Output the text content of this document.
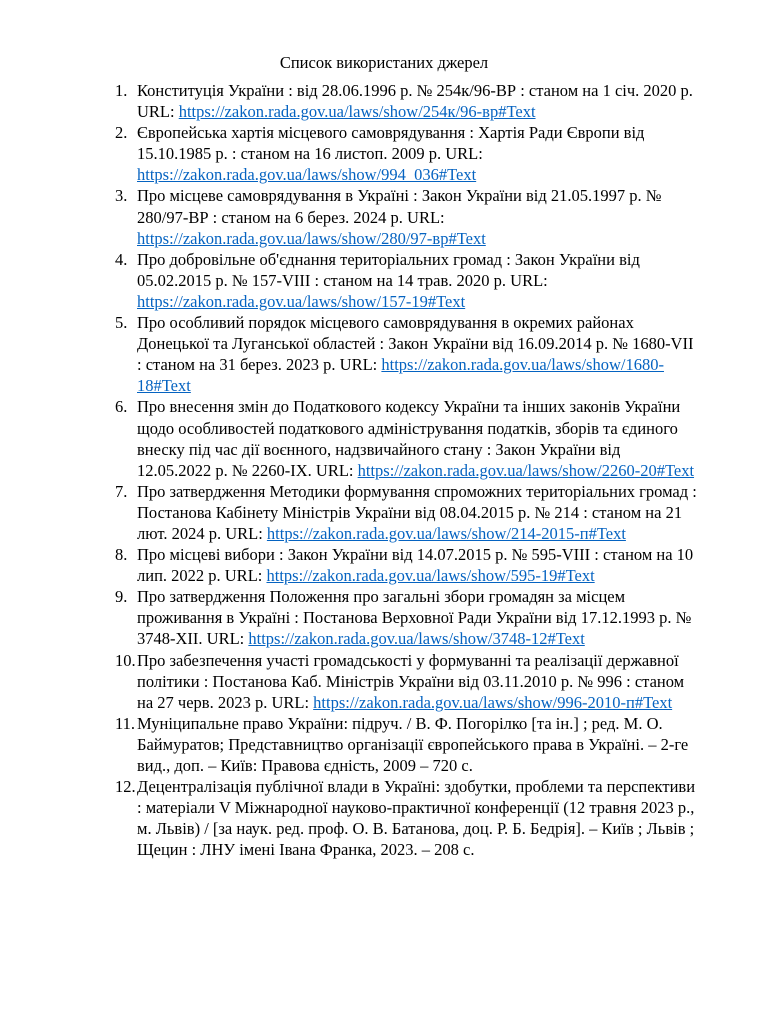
Список використаних джерел
1. Конституція України : від 28.06.1996 р. № 254к/96-ВР : станом на 1 січ. 2020 р. URL: https://zakon.rada.gov.ua/laws/show/254к/96-вр#Text
2. Європейська хартія місцевого самоврядування : Хартія Ради Європи від 15.10.1985 р. : станом на 16 листоп. 2009 р. URL: https://zakon.rada.gov.ua/laws/show/994_036#Text
3. Про місцеве самоврядування в Україні : Закон України від 21.05.1997 р. № 280/97-ВР : станом на 6 берез. 2024 р. URL: https://zakon.rada.gov.ua/laws/show/280/97-вр#Text
4. Про добровільне об'єднання територіальних громад : Закон України від 05.02.2015 р. № 157-VIII : станом на 14 трав. 2020 р. URL: https://zakon.rada.gov.ua/laws/show/157-19#Text
5. Про особливий порядок місцевого самоврядування в окремих районах Донецької та Луганської областей : Закон України від 16.09.2014 р. № 1680-VII : станом на 31 берез. 2023 р. URL: https://zakon.rada.gov.ua/laws/show/1680-18#Text
6. Про внесення змін до Податкового кодексу України та інших законів України щодо особливостей податкового адміністрування податків, зборів та єдиного внеску під час дії воєнного, надзвичайного стану : Закон України від 12.05.2022 р. № 2260-IX. URL: https://zakon.rada.gov.ua/laws/show/2260-20#Text
7. Про затвердження Методики формування спроможних територіальних громад : Постанова Кабінету Міністрів України від 08.04.2015 р. № 214 : станом на 21 лют. 2024 р. URL: https://zakon.rada.gov.ua/laws/show/214-2015-п#Text
8. Про місцеві вибори : Закон України від 14.07.2015 р. № 595-VIII : станом на 10 лип. 2022 р. URL: https://zakon.rada.gov.ua/laws/show/595-19#Text
9. Про затвердження Положення про загальні збори громадян за місцем проживання в Україні : Постанова Верховної Ради України від 17.12.1993 р. № 3748-XII. URL: https://zakon.rada.gov.ua/laws/show/3748-12#Text
10. Про забезпечення участі громадськості у формуванні та реалізації державної політики : Постанова Каб. Міністрів України від 03.11.2010 р. № 996 : станом на 27 черв. 2023 р. URL: https://zakon.rada.gov.ua/laws/show/996-2010-п#Text
11. Муніципальне право України: підруч. / В. Ф. Погорілко [та ін.] ; ред. М. О. Баймуратов; Представництво організації європейського права в Україні. – 2-ге вид., доп. – Київ: Правова єдність, 2009 – 720 с.
12. Децентралізація публічної влади в Україні: здобутки, проблеми та перспективи : матеріали V Міжнародної науково-практичної конференції (12 травня 2023 р., м. Львів) / [за наук. ред. проф. О. В. Батанова, доц. Р. Б. Бедрія]. – Київ ; Львів ; Щецин : ЛНУ імені Івана Франка, 2023. – 208 с.
